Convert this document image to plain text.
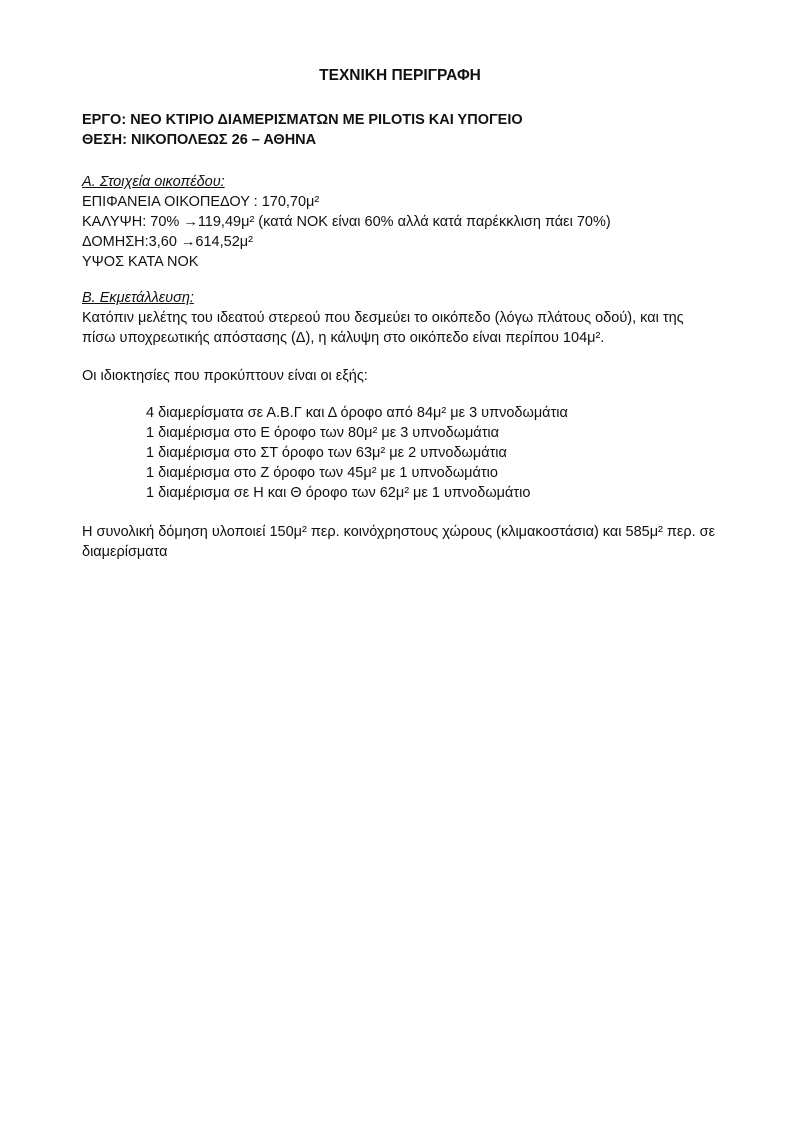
ΤΕΧΝΙΚΗ ΠΕΡΙΓΡΑΦΗ
ΕΡΓΟ: ΝΕΟ ΚΤΙΡΙΟ ΔΙΑΜΕΡΙΣΜΑΤΩΝ ΜΕ PILOTIS ΚΑΙ ΥΠΟΓΕΙΟ
ΘΕΣΗ: ΝΙΚΟΠΟΛΕΩΣ 26 – ΑΘΗΝΑ
Α. Στοιχεία οικοπέδου:
ΕΠΙΦΑΝΕΙΑ ΟΙΚΟΠΕΔΟΥ : 170,70μ²
ΚΑΛΥΨΗ: 70% →119,49μ² (κατά ΝΟΚ είναι 60% αλλά κατά παρέκκλιση πάει 70%)
ΔΟΜΗΣΗ:3,60 →614,52μ²
ΥΨΟΣ ΚΑΤΑ ΝΟΚ
Β. Εκμετάλλευση:
Κατόπιν μελέτης του ιδεατού στερεού που δεσμεύει το οικόπεδο (λόγω πλάτους οδού), και της πίσω υποχρεωτικής απόστασης (Δ), η κάλυψη στο οικόπεδο είναι περίπου 104μ².
Οι ιδιοκτησίες που προκύπτουν είναι οι εξής:
4 διαμερίσματα σε Α.Β.Γ και Δ όροφο από 84μ² με 3 υπνοδωμάτια
1 διαμέρισμα στο Ε όροφο των 80μ² με 3 υπνοδωμάτια
1 διαμέρισμα στο ΣΤ όροφο των 63μ² με 2 υπνοδωμάτια
1 διαμέρισμα στο Ζ όροφο των 45μ² με 1 υπνοδωμάτιο
1 διαμέρισμα σε Η και Θ όροφο των 62μ² με 1 υπνοδωμάτιο
Η συνολική δόμηση υλοποιεί 150μ² περ. κοινόχρηστους χώρους (κλιμακοστάσια) και 585μ² περ. σε διαμερίσματα
